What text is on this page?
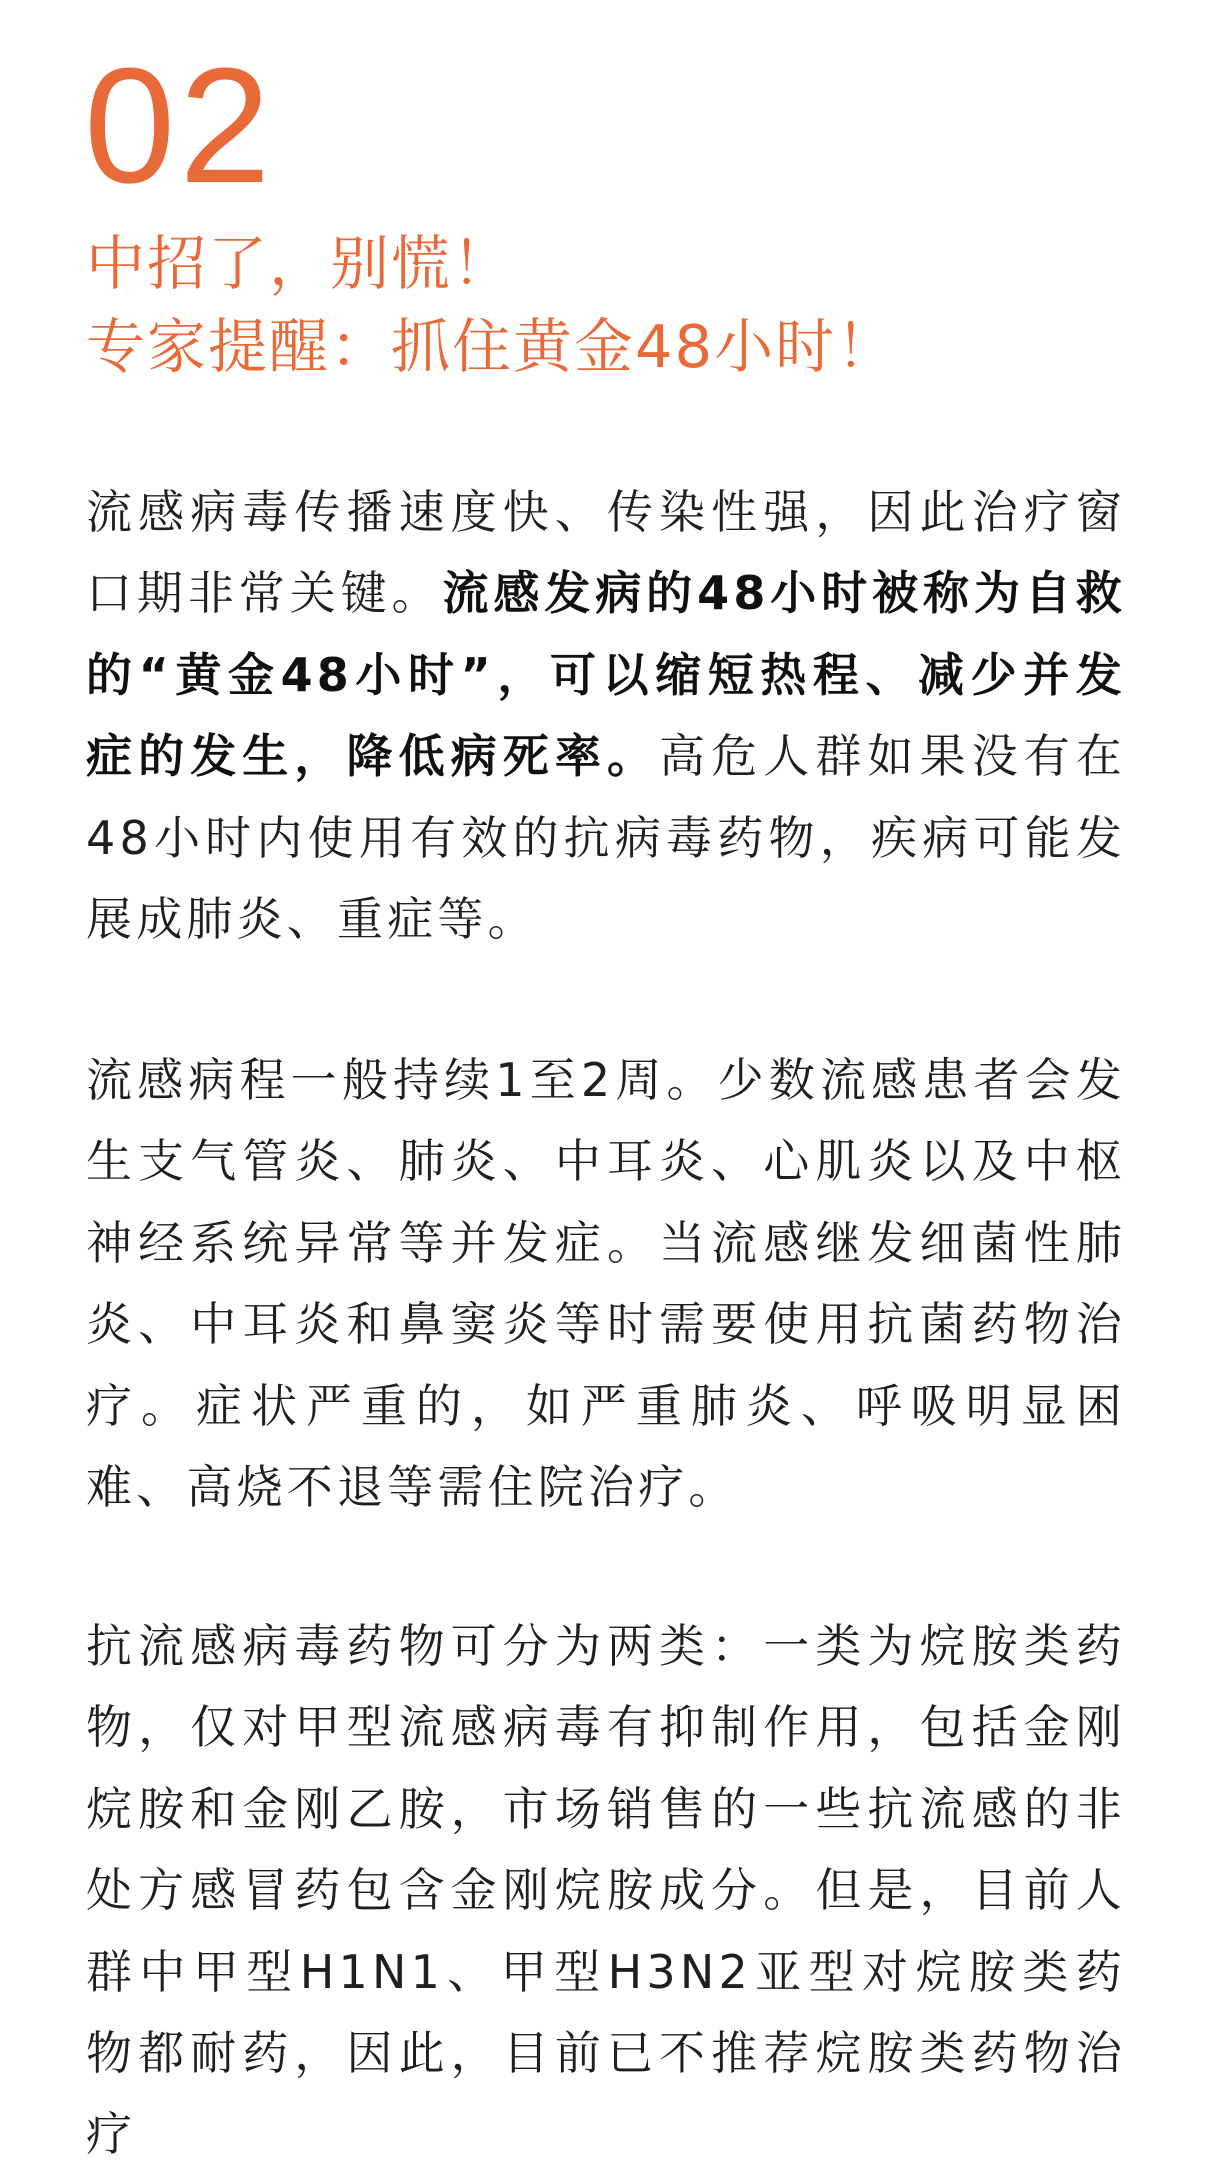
02
中招了，别慌！
专家提醒：抓住黄金48小时！

流感病毒传播速度快、传染性强，因此治疗窗口期非常关键。流感发病的48小时被称为自救的“黄金48小时”，可以缩短热程、减少并发症的发生，降低病死率。高危人群如果没有在48小时内使用有效的抗病毒药物，疾病可能发展成肺炎、重症等。

流感病程一般持续1至2周。少数流感患者会发生支气管炎、肺炎、中耳炎、心肌炎以及中枢神经系统异常等并发症。当流感继发细菌性肺炎、中耳炎和鼻窦炎等时需要使用抗菌药物治疗。症状严重的，如严重肺炎、呼吸明显困难、高烧不退等需住院治疗。

抗流感病毒药物可分为两类：一类为烷胺类药物，仅对甲型流感病毒有抑制作用，包括金刚烷胺和金刚乙胺，市场销售的一些抗流感的非处方感冒药包含金刚烷胺成分。但是，目前人群中甲型H1N1、甲型H3N2亚型对烷胺类药物都耐药，因此，目前已不推荐烷胺类药物治疗
